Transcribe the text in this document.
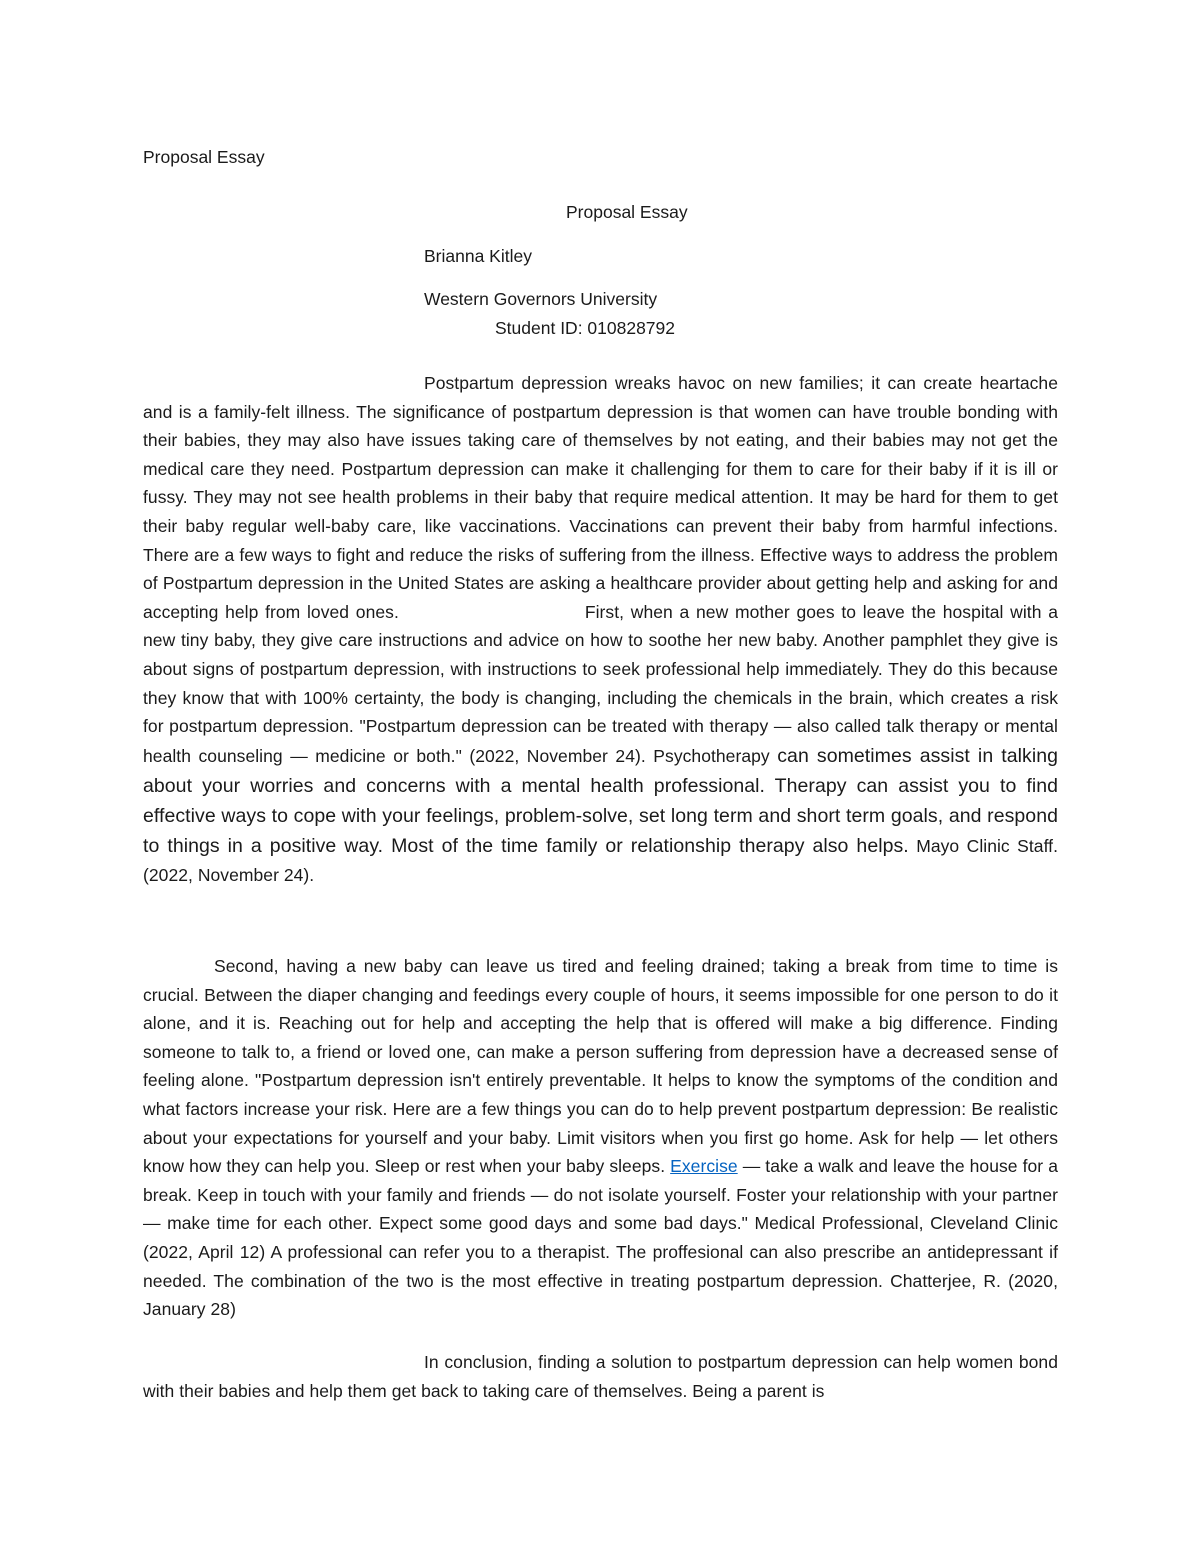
Proposal Essay
Proposal Essay
Brianna Kitley
Western Governors University
Student ID: 010828792

Postpartum depression wreaks havoc on new families; it can create heartache and is a family-felt illness. The significance of postpartum depression is that women can have trouble bonding with their babies, they may also have issues taking care of themselves by not eating, and their babies may not get the medical care they need. Postpartum depression can make it challenging for them to care for their baby if it is ill or fussy. They may not see health problems in their baby that require medical attention. It may be hard for them to get their baby regular well-baby care, like vaccinations. Vaccinations can prevent their baby from harmful infections. There are a few ways to fight and reduce the risks of suffering from the illness. Effective ways to address the problem of Postpartum depression in the United States are asking a healthcare provider about getting help and asking for and accepting help from loved ones.	First, when a new mother goes to leave the hospital with a new tiny baby, they give care instructions and advice on how to soothe her new baby. Another pamphlet they give is about signs of postpartum depression, with instructions to seek professional help immediately. They do this because they know that with 100% certainty, the body is changing, including the chemicals in the brain, which creates a risk for postpartum depression. "Postpartum depression can be treated with therapy — also called talk therapy or mental health counseling — medicine or both." (2022, November 24). Psychotherapy can sometimes assist in talking about your worries and concerns with a mental health professional. Therapy can assist you to find effective ways to cope with your feelings, problem-solve, set long term and short term goals, and respond to things in a positive way. Most of the time family or relationship therapy also helps. Mayo Clinic Staff. (2022, November 24).

Second, having a new baby can leave us tired and feeling drained; taking a break from time to time is crucial. Between the diaper changing and feedings every couple of hours, it seems impossible for one person to do it alone, and it is. Reaching out for help and accepting the help that is offered will make a big difference. Finding someone to talk to, a friend or loved one, can make a person suffering from depression have a decreased sense of feeling alone. "Postpartum depression isn't entirely preventable. It helps to know the symptoms of the condition and what factors increase your risk. Here are a few things you can do to help prevent postpartum depression: Be realistic about your expectations for yourself and your baby. Limit visitors when you first go home. Ask for help — let others know how they can help you. Sleep or rest when your baby sleeps. Exercise — take a walk and leave the house for a break. Keep in touch with your family and friends — do not isolate yourself. Foster your relationship with your partner — make time for each other. Expect some good days and some bad days." Medical Professional, Cleveland Clinic (2022, April 12) A professional can refer you to a therapist. The proffesional can also prescribe an antidepressant if needed. The combination of the two is the most effective in treating postpartum depression. Chatterjee, R. (2020, January 28)

In conclusion, finding a solution to postpartum depression can help women bond with their babies and help them get back to taking care of themselves. Being a parent is
